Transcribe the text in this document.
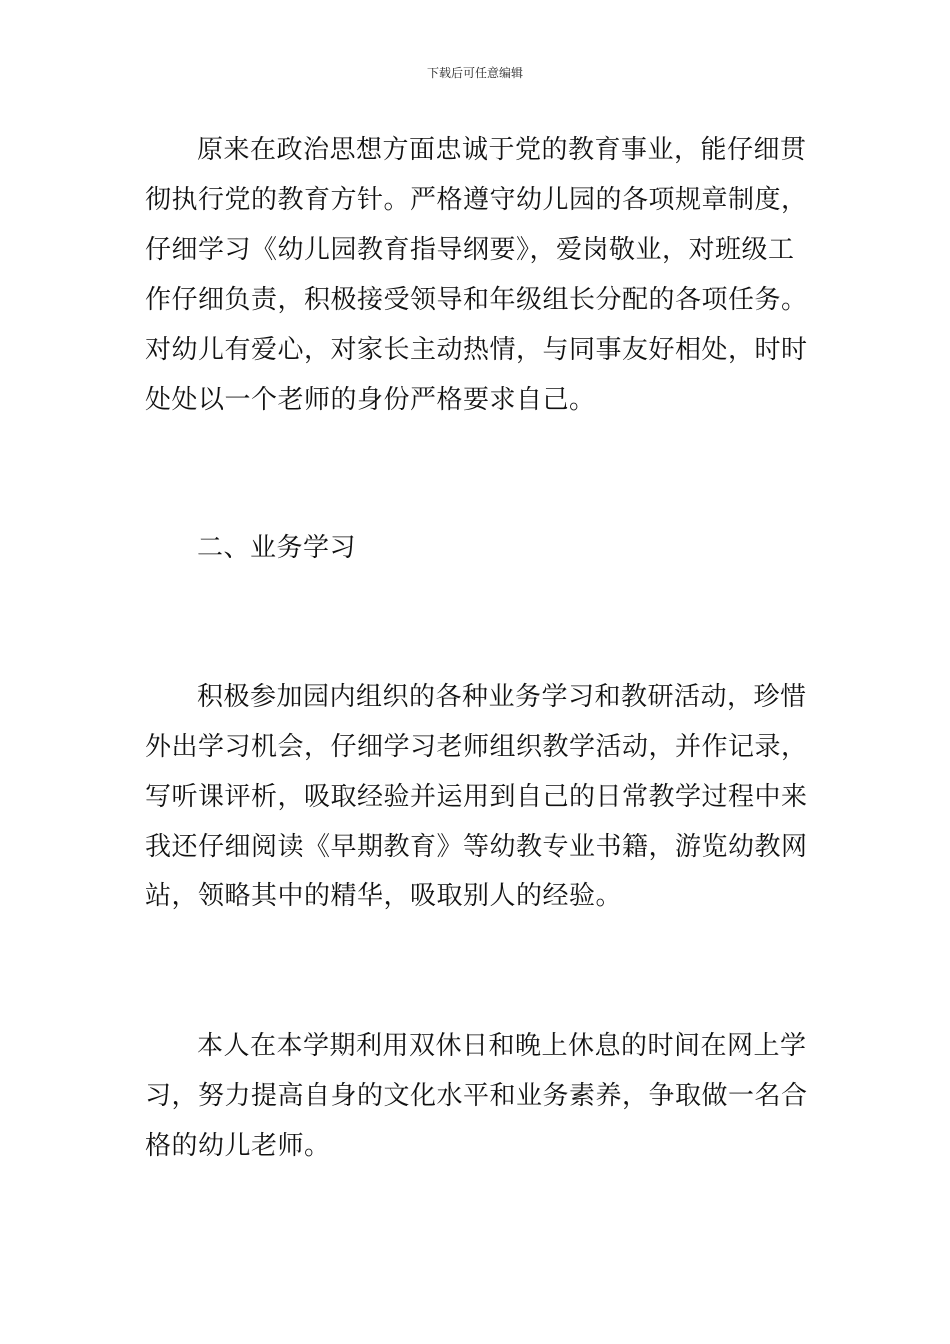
下载后可任意编辑
原来在政治思想方面忠诚于党的教育事业，能仔细贯
彻执行党的教育方针。严格遵守幼儿园的各项规章制度，
仔细学习《幼儿园教育指导纲要》，爱岗敬业，对班级工
作仔细负责，积极接受领导和年级组长分配的各项任务。
对幼儿有爱心，对家长主动热情，与同事友好相处，时时
处处以一个老师的身份严格要求自己。
二、业务学习
积极参加园内组织的各种业务学习和教研活动，珍惜
外出学习机会，仔细学习老师组织教学活动，并作记录，
写听课评析，吸取经验并运用到自己的日常教学过程中来
我还仔细阅读《早期教育》等幼教专业书籍，游览幼教网
站，领略其中的精华，吸取别人的经验。
本人在本学期利用双休日和晚上休息的时间在网上学
习，努力提高自身的文化水平和业务素养，争取做一名合
格的幼儿老师。
